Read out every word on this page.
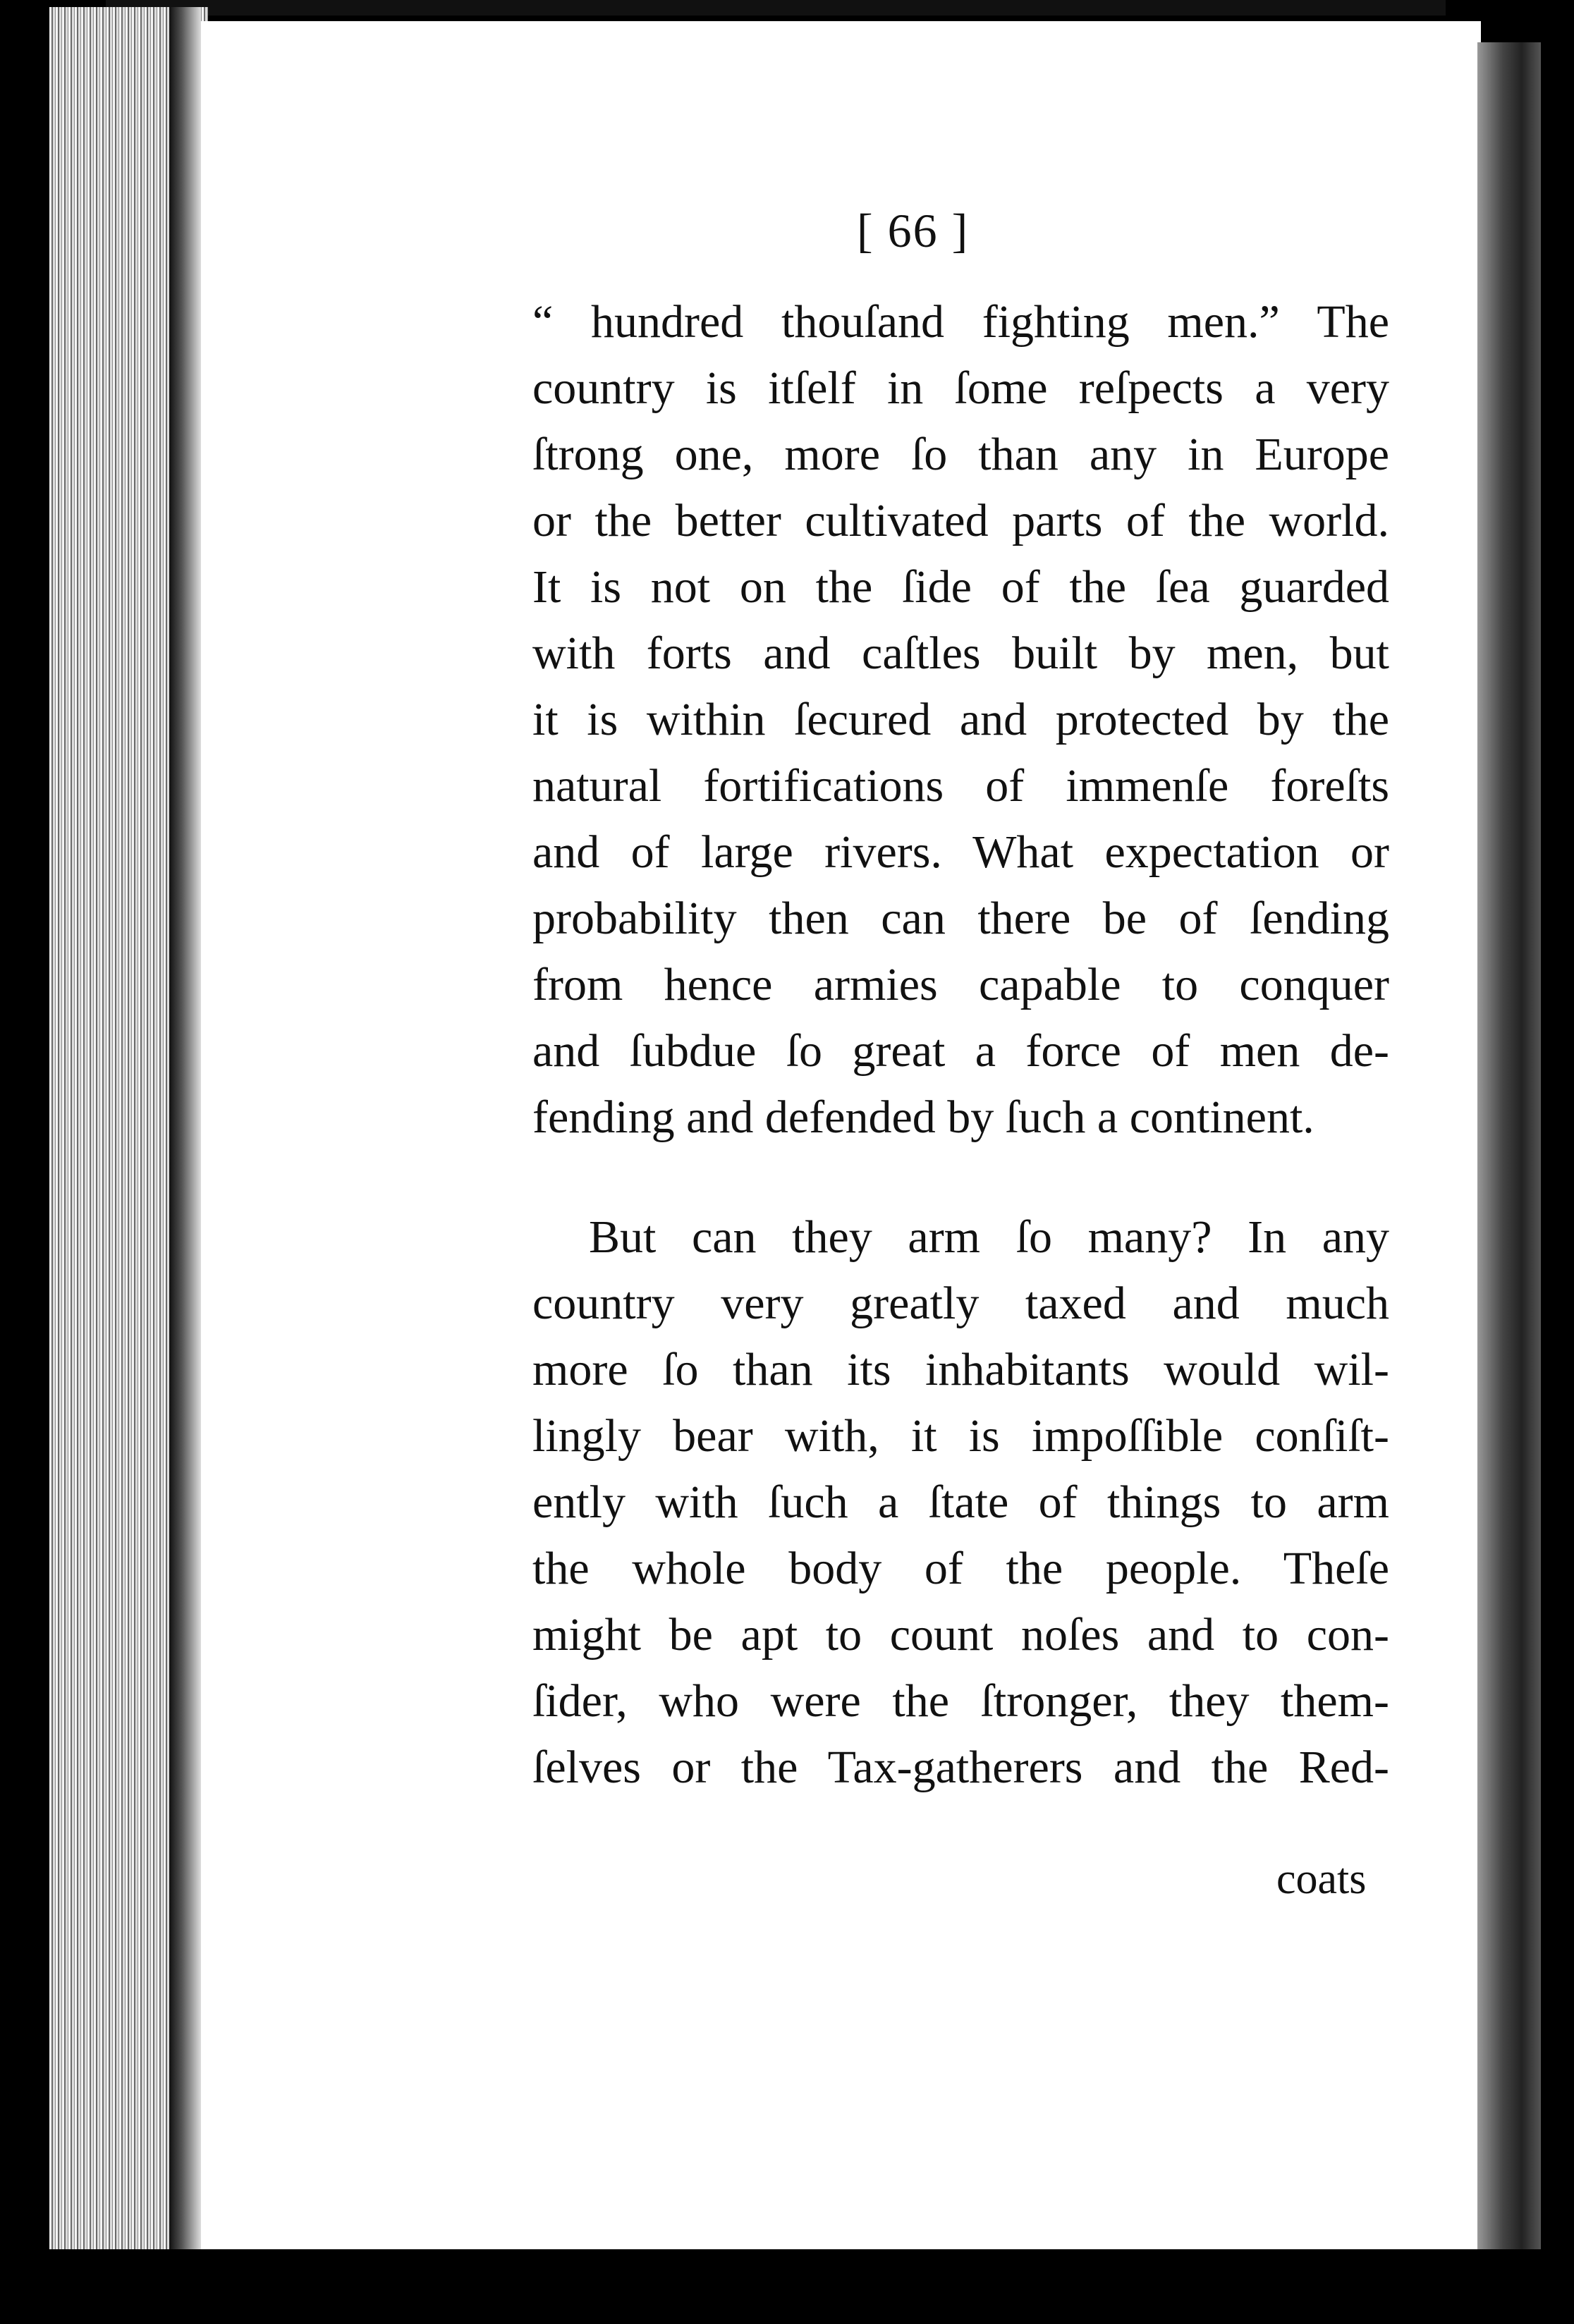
[ 66 ]
“ hundred thouſand fighting men.” The
country is itſelf in ſome reſpects a very
ſtrong one, more ſo than any in Europe
or the better cultivated parts of the world.
It is not on the ſide of the ſea guarded
with forts and caſtles built by men, but
it is within ſecured and protected by the
natural fortifications of immenſe foreſts
and of large rivers. What expectation or
probability then can there be of ſending
from hence armies capable to conquer
and ſubdue ſo great a force of men de-
fending and defended by ſuch a continent.
But can they arm ſo many? In any
country very greatly taxed and much
more ſo than its inhabitants would wil-
lingly bear with, it is impoſſible conſiſt-
ently with ſuch a ſtate of things to arm
the whole body of the people. Theſe
might be apt to count noſes and to con-
ſider, who were the ſtronger, they them-
ſelves or the Tax-gatherers and the Red-
coats
